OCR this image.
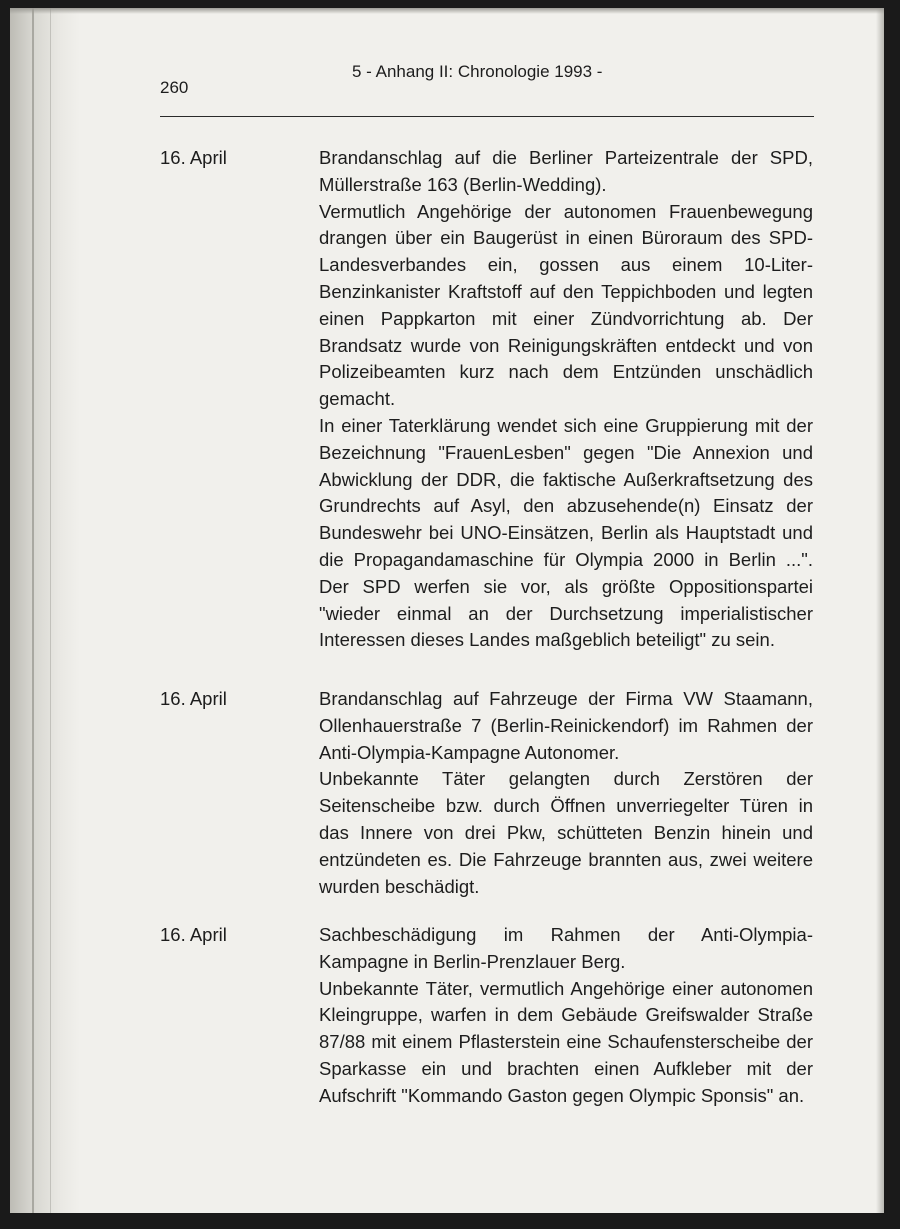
260
5 - Anhang II: Chronologie 1993 -
16. April	Brandanschlag auf die Berliner Parteizentrale der SPD, Müllerstraße 163 (Berlin-Wedding).

Vermutlich Angehörige der autonomen Frauenbewegung drangen über ein Baugerüst in einen Büroraum des SPD-Landesverbandes ein, gossen aus einem 10-Liter-Benzinkanister Kraftstoff auf den Teppichboden und legten einen Pappkarton mit einer Zündvorrichtung ab. Der Brandsatz wurde von Reinigungskräften entdeckt und von Polizeibeamten kurz nach dem Entzünden unschädlich gemacht.

In einer Taterklärung wendet sich eine Gruppierung mit der Bezeichnung "FrauenLesben" gegen "Die Annexion und Abwicklung der DDR, die faktische Außerkraftsetzung des Grundrechts auf Asyl, den abzusehende(n) Einsatz der Bundeswehr bei UNO-Einsätzen, Berlin als Hauptstadt und die Propagandamaschine für Olympia 2000 in Berlin ...". Der SPD werfen sie vor, als größte Oppositionspartei "wieder einmal an der Durchsetzung imperialistischer Interessen dieses Landes maßgeblich beteiligt" zu sein.

16. April	Brandanschlag auf Fahrzeuge der Firma VW Staamann, Ollenhauerstraße 7 (Berlin-Reinickendorf) im Rahmen der Anti-Olympia-Kampagne Autonomer.

Unbekannte Täter gelangten durch Zerstören der Seitenscheibe bzw. durch Öffnen unverriegelter Türen in das Innere von drei Pkw, schütteten Benzin hinein und entzündeten es. Die Fahrzeuge brannten aus, zwei weitere wurden beschädigt.

16. April	Sachbeschädigung im Rahmen der Anti-Olympia-Kampagne in Berlin-Prenzlauer Berg.

Unbekannte Täter, vermutlich Angehörige einer autonomen Kleingruppe, warfen in dem Gebäude Greifswalder Straße 87/88 mit einem Pflasterstein eine Schaufensterscheibe der Sparkasse ein und brachten einen Aufkleber mit der Aufschrift "Kommando Gaston gegen Olympic Sponsis" an.
